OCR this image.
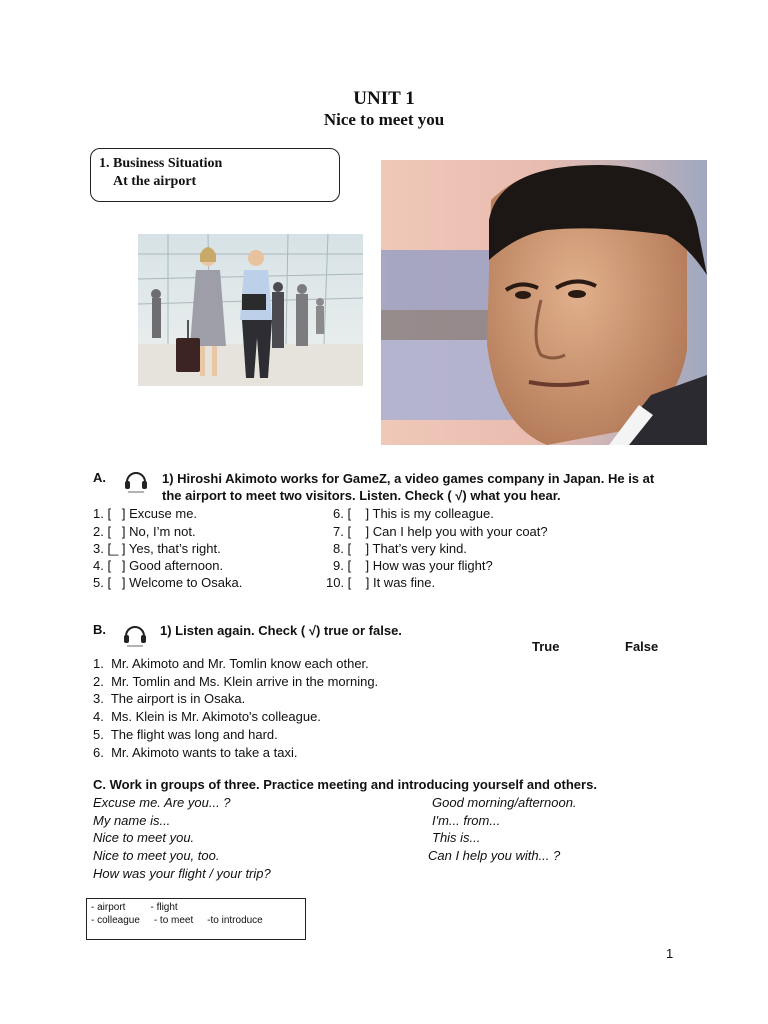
UNIT 1
Nice to meet you
1. Business Situation
At the airport
A.	1) Hiroshi Akimoto works for GameZ, a video games company in Japan. He is at
the airport to meet two visitors. Listen. Check ( √) what you hear.
1. [   ] Excuse me.
2. [   ] No, I’m not.
3. [_ ] Yes, that’s right.
4. [   ] Good afternoon.
5. [   ] Welcome to Osaka.
6. [    ] This is my colleague.
7. [    ] Can I help you with your coat?
8. [    ] That’s very kind.
9. [    ] How was your flight?
10. [    ] It was fine.
B.	1) Listen again. Check ( √) true or false.
True	False
1.  Mr. Akimoto and Mr. Tomlin know each other.
2.  Mr. Tomlin and Ms. Klein arrive in the morning.
3.  The airport is in Osaka.
4.  Ms. Klein is Mr. Akimoto's colleague.
5.  The flight was long and hard.
6.  Mr. Akimoto wants to take a taxi.
C. Work in groups of three. Practice meeting and introducing yourself and others.
Excuse me. Are you... ?
My name is...
Nice to meet you.
Nice to meet you, too.
How was your flight / your trip?
Good morning/afternoon.
I'm... from...
This is...
Can I help you with... ?
- airport         - flight
- colleague     - to meet     -to introduce
1
